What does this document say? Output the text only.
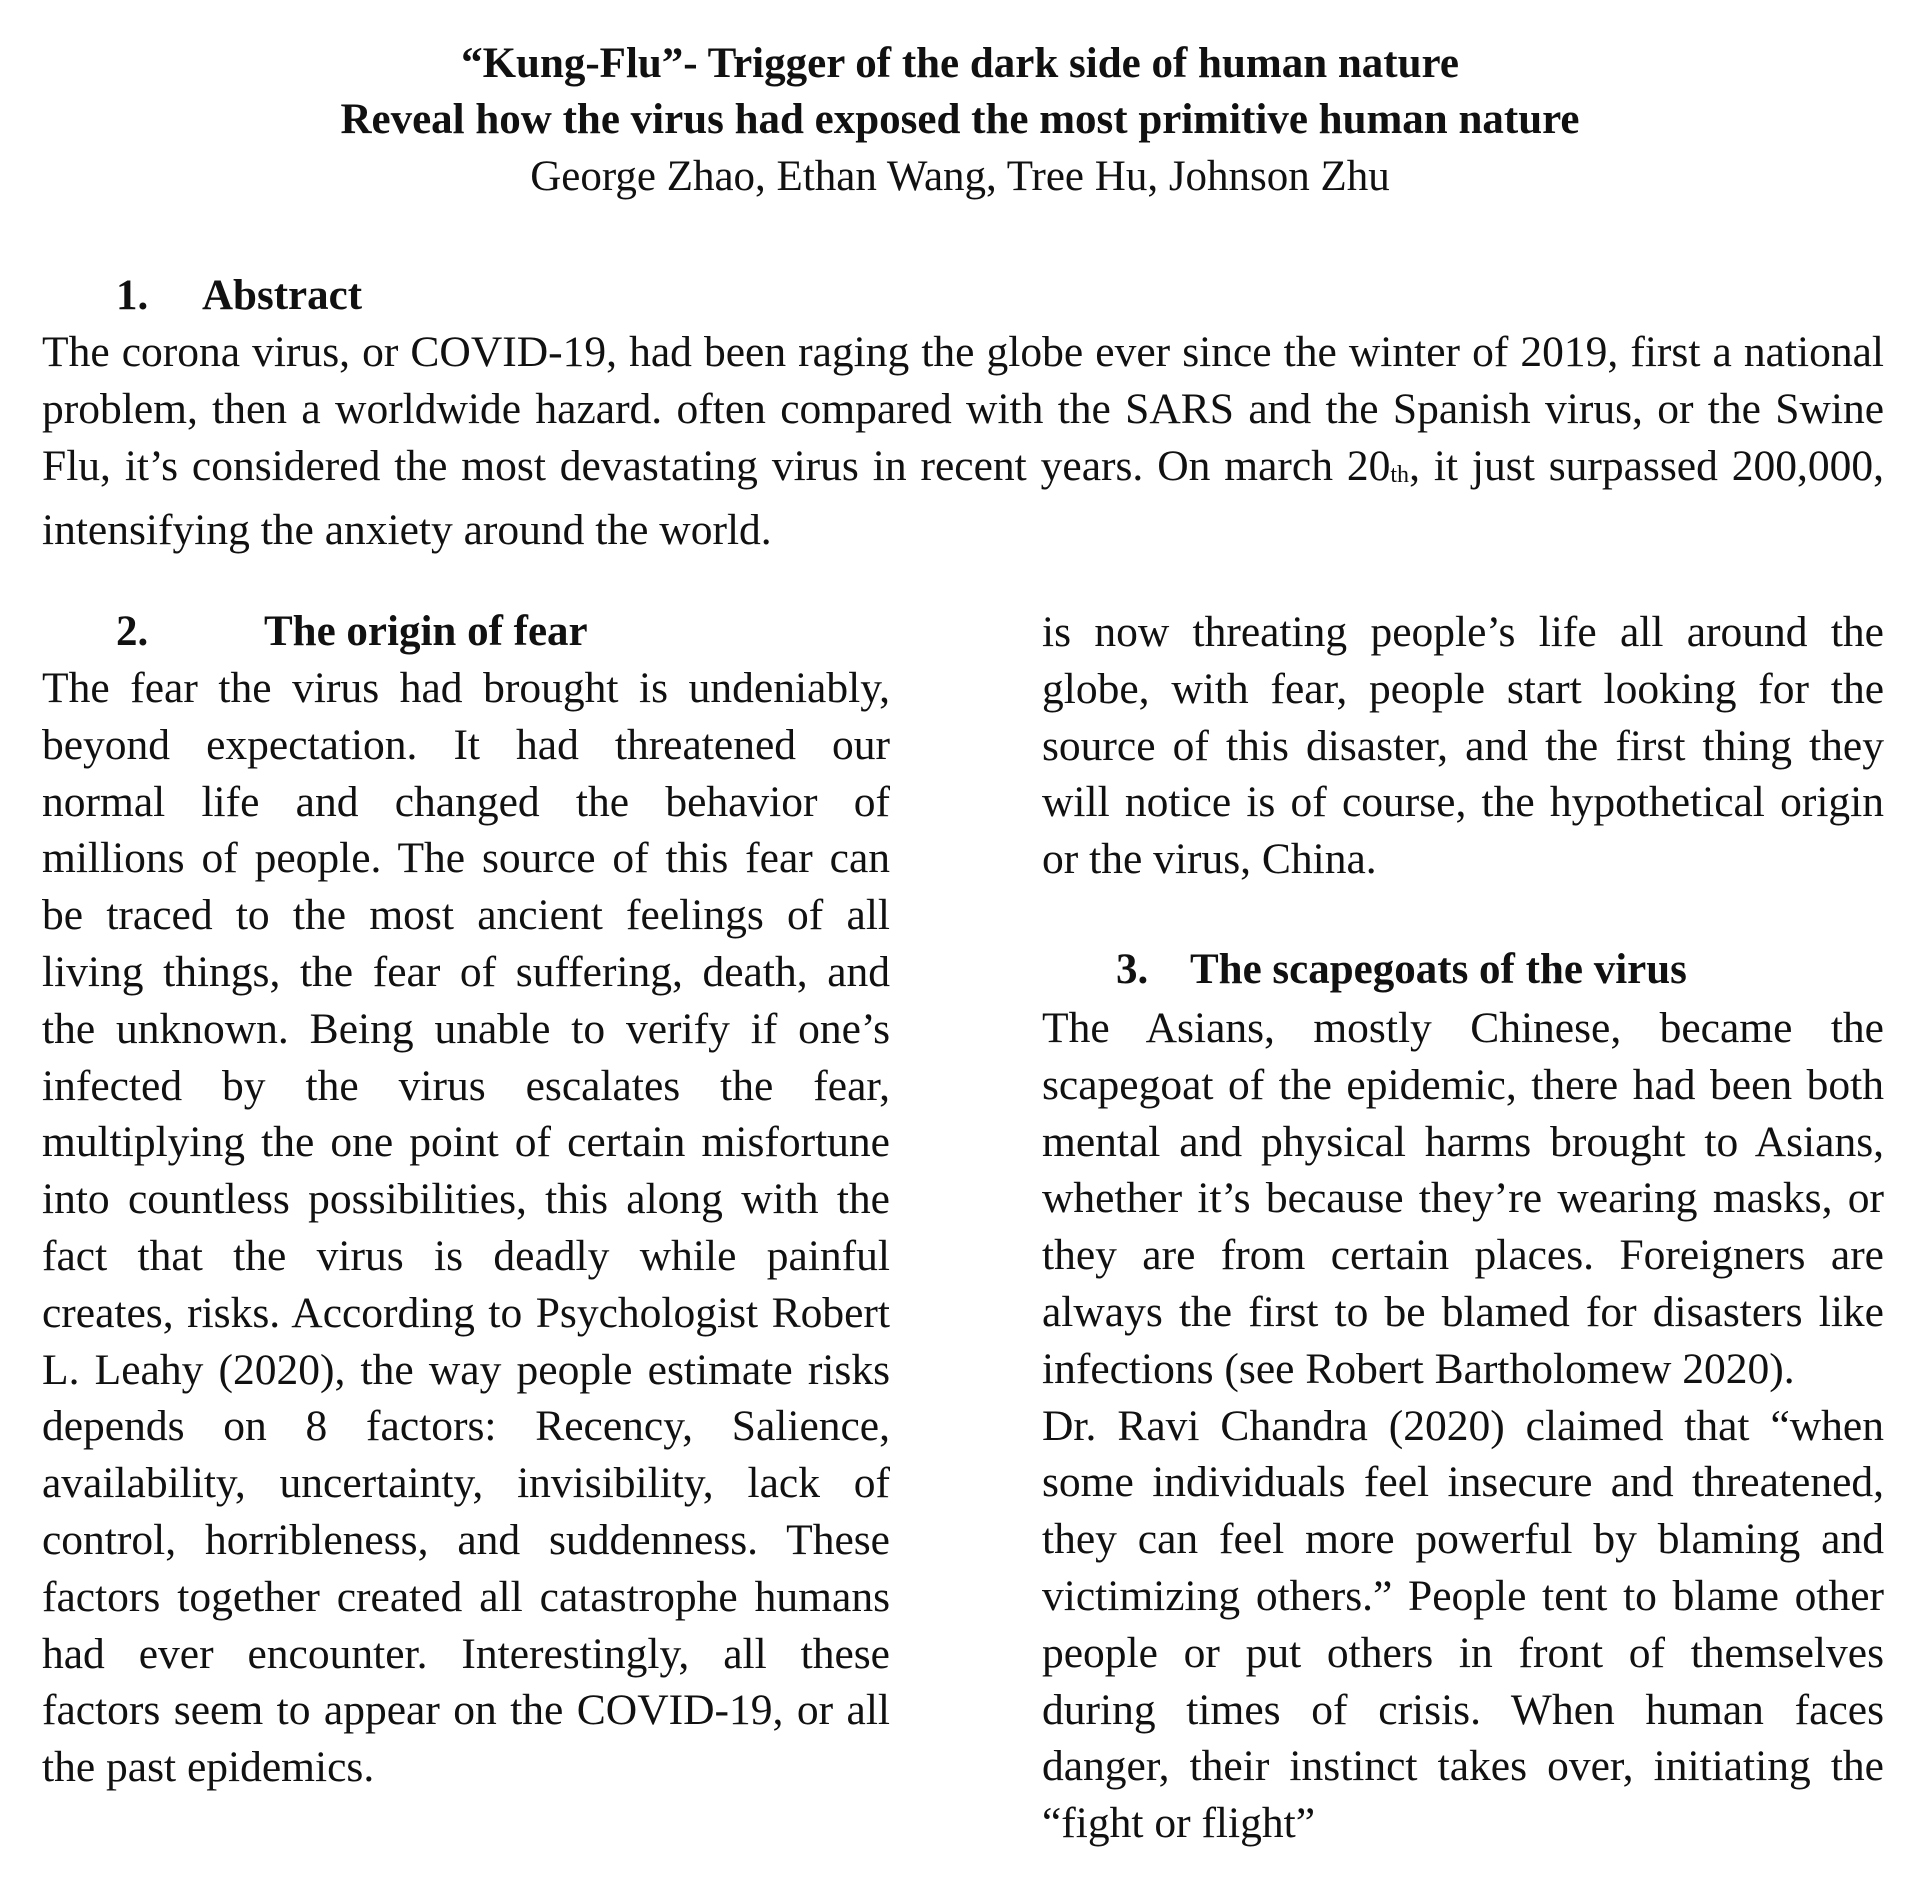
“Kung-Flu”- Trigger of the dark side of human nature

Reveal how the virus had exposed the most primitive human nature

George Zhao, Ethan Wang, Tree Hu, Johnson Zhu

1. Abstract

The corona virus, or COVID-19, had been raging the globe ever since the winter of 2019, first a national problem, then a worldwide hazard. often compared with the SARS and the Spanish virus, or the Swine Flu, it’s considered the most devastating virus in recent years. On march $20_{th}$, it just surpassed 200,000, intensifying the anxiety around the world.

2.	The origin of fear

The fear the virus had brought is undeniably, beyond expectation. It had threatened our normal life and changed the behavior of millions of people. The source of this fear can be traced to the most ancient feelings of all living things, the fear of suffering, death, and the unknown. Being unable to verify if one’s infected by the virus escalates the fear, multiplying the one point of certain misfortune into countless possibilities, this along with the fact that the virus is deadly while painful creates, risks. According to Psychologist Robert L. Leahy (2020), the way people estimate risks depends on 8 factors: Recency, Salience, availability, uncertainty, invisibility, lack of control, horribleness, and suddenness. These factors together created all catastrophe humans had ever encounter. Interestingly, all these factors seem to appear on the COVID-19, or all the past epidemics.

is now threating people’s life all around the globe, with fear, people start looking for the source of this disaster, and the first thing they will notice is of course, the hypothetical origin or the virus, China.

3. The scapegoats of the virus

The Asians, mostly Chinese, became the scapegoat of the epidemic, there had been both mental and physical harms brought to Asians, whether it’s because they’re wearing masks, or they are from certain places. Foreigners are always the first to be blamed for disasters like infections (see Robert Bartholomew 2020).

Dr. Ravi Chandra (2020) claimed that “when some individuals feel insecure and threatened, they can feel more powerful by blaming and victimizing others.” People tent to blame other people or put others in front of themselves during times of crisis. When human faces danger, their instinct takes over, initiating the “fight or flight”
